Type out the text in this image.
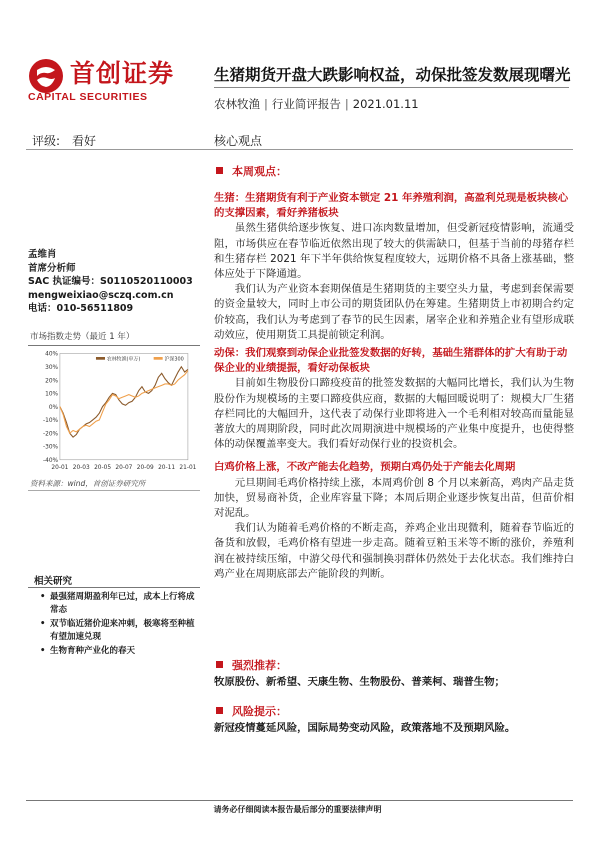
首创证券
CAPITAL SECURITIES
生猪期货开盘大跌影响权益，动保批签发数展现曙光
农林牧渔 | 行业简评报告 | 2021.01.11
评级: 看好	核心观点
孟维肖
首席分析师
SAC 执证编号：S0110520110003
mengweixiao@sczq.com.cn
电话：010-56511809
市场指数走势（最近 1 年）
40%
30%
20%
10%
0%
-10%
-20%
-30%
-40%
20-01 20-03 20-05 20-07 20-09 20-11 21-01
农林牧渔(申万)	沪深300
资料来源：wind，首创证券研究所
相关研究
• 最强猪周期盈利年已过，成本上行将成常态
• 双节临近猪价迎来冲刺，极寒将至种植有望加速兑现
• 生物育种产业化的春天
本周观点：
生猪：生猪期货有利于产业资本锁定 21 年养殖利润，高盈利兑现是板块核心的支撑因素，看好养猪板块

虽然生猪供给逐步恢复、进口冻肉数量增加，但受新冠疫情影响，流通受阻，市场供应在春节临近依然出现了较大的供需缺口，但基于当前的母猪存栏和生猪存栏 2021 年下半年供给恢复程度较大，远期价格不具备上涨基础，整体应处于下降通道。

我们认为产业资本套期保值是生猪期货的主要空头力量，考虑到套保需要的资金量较大，同时上市公司的期货团队仍在筹建。生猪期货上市初期合约定价较高，我们认为考虑到了春节的民生因素，屠宰企业和养殖企业有望形成联动效应，使用期货工具提前锁定利润。

动保：我们观察到动保企业批签发数据的好转，基础生猪群体的扩大有助于动保企业的业绩提振，看好动保板块

目前如生物股份口蹄疫疫苗的批签发数据的大幅同比增长，我们认为生物股份作为规模场的主要口蹄疫供应商，数据的大幅回暖说明了：规模大厂生猪存栏同比的大幅回升，这代表了动保行业即将进入一个毛利相对较高而量能显著放大的周期阶段，同时此次周期演进中规模场的产业集中度提升，也使得整体的动保覆盖率变大。我们看好动保行业的投资机会。

白鸡价格上涨，不改产能去化趋势，预期白鸡仍处于产能去化周期

元旦期间毛鸡价格持续上涨，本周鸡价创 8 个月以来新高，鸡肉产品走货加快，贸易商补货，企业库容量下降；本周后期企业逐步恢复出苗，但苗价相对泥乱。

我们认为随着毛鸡价格的不断走高，养鸡企业出现微利，随着春节临近的备货和放假，毛鸡价格有望进一步走高。随着豆粕玉米等不断的涨价，养殖利润在被持续压缩，中游父母代和强制换羽群体仍然处于去化状态。我们维持白鸡产业在周期底部去产能阶段的判断。

强烈推荐：
牧原股份、新希望、天康生物、生物股份、普莱柯、瑞普生物；
风险提示：
新冠疫情蔓延风险，国际局势变动风险，政策落地不及预期风险。
请务必仔细阅读本报告最后部分的重要法律声明
